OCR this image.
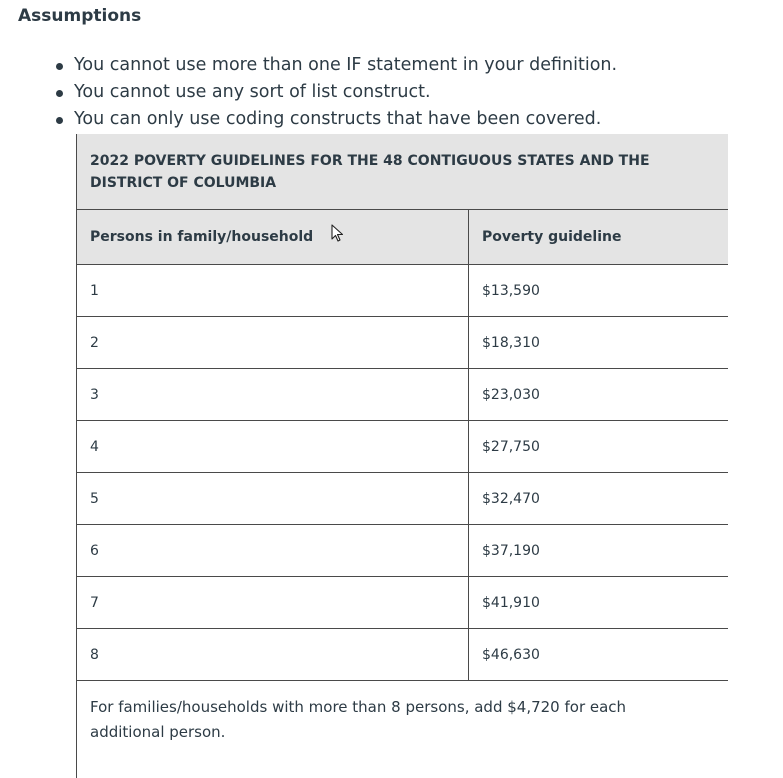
Assumptions
You cannot use more than one IF statement in your definition.
You cannot use any sort of list construct.
You can only use coding constructs that have been covered.
2022 POVERTY GUIDELINES FOR THE 48 CONTIGUOUS STATES AND THE DISTRICT OF COLUMBIA
Persons in family/household	Poverty guideline
1	$13,590
2	$18,310
3	$23,030
4	$27,750
5	$32,470
6	$37,190
7	$41,910
8	$46,630
For families/households with more than 8 persons, add $4,720 for each additional person.
